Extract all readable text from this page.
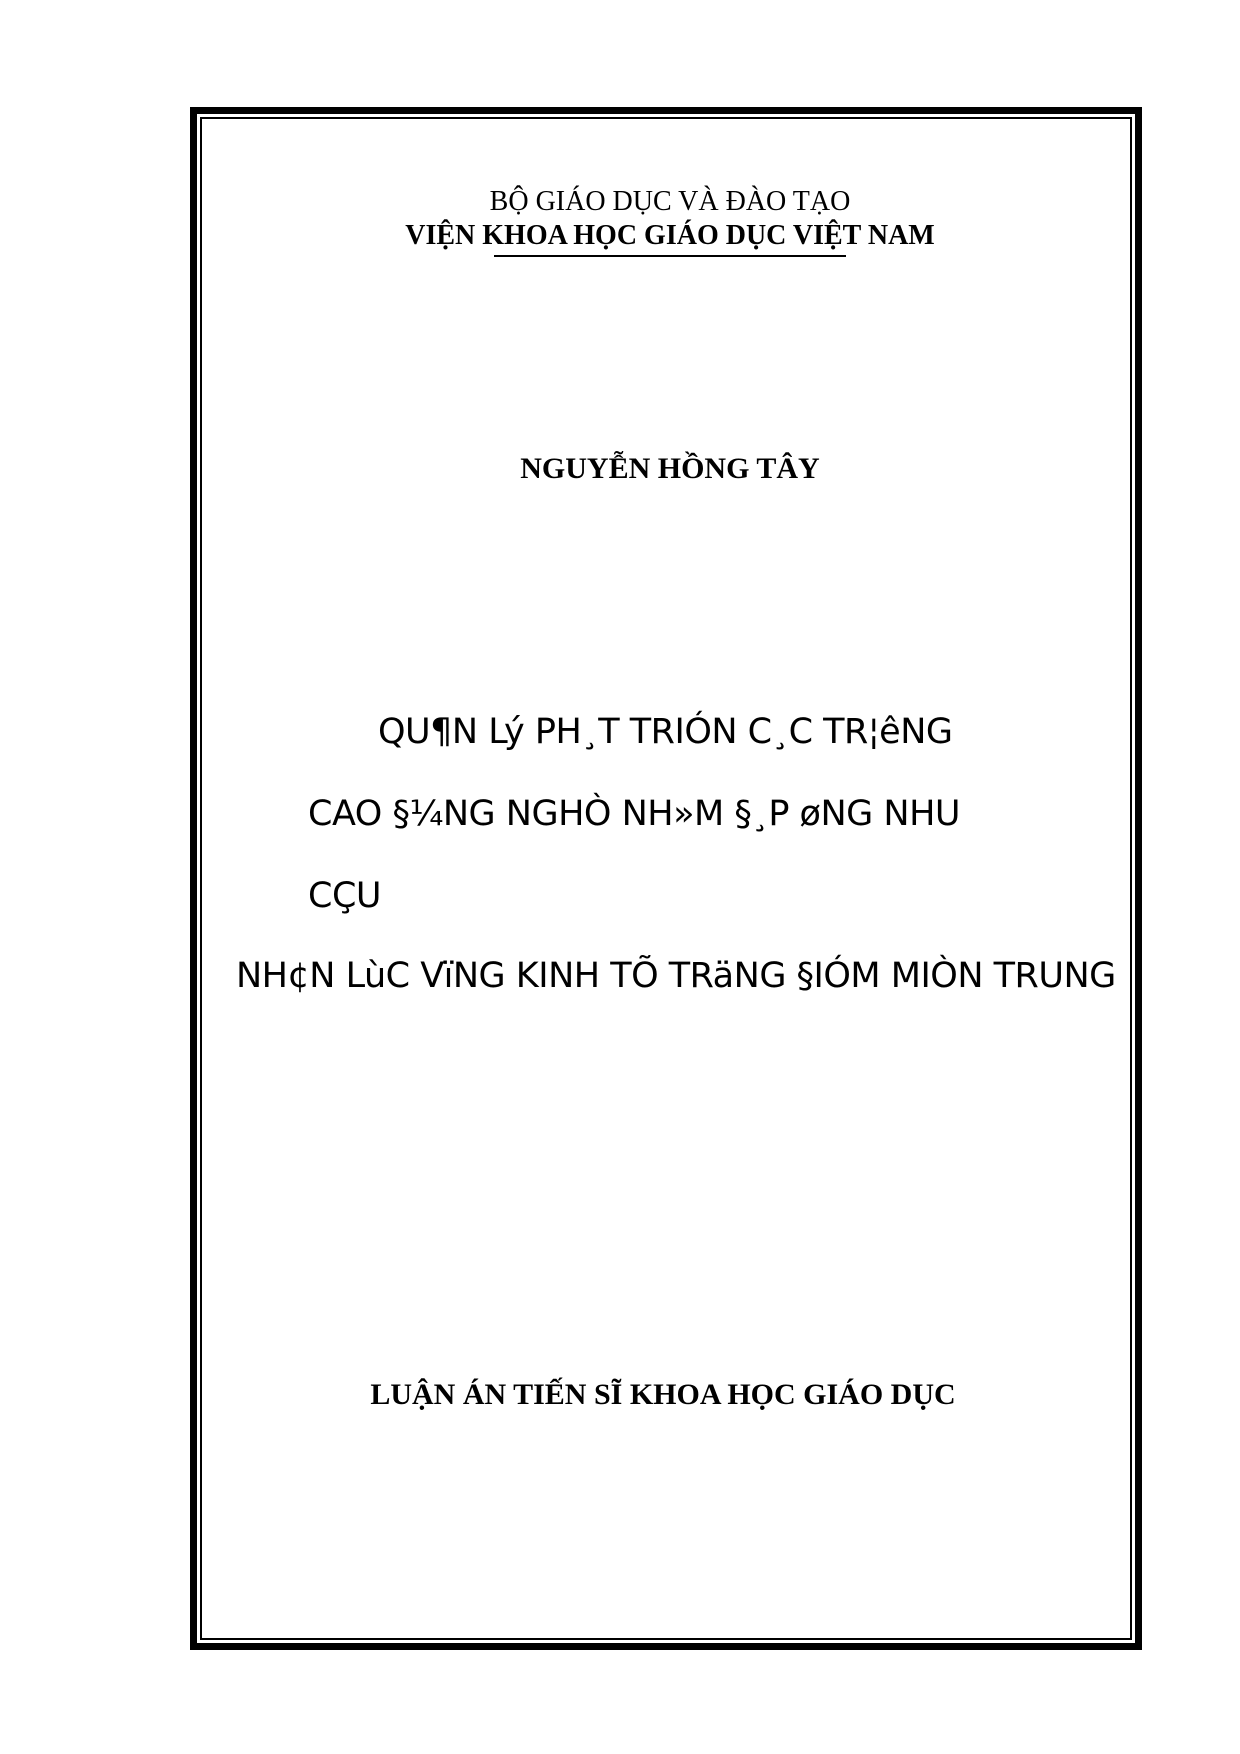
BỘ GIÁO DỤC VÀ ĐÀO TẠO
VIỆN KHOA HỌC GIÁO DỤC VIỆT NAM
NGUYỄN HỒNG TÂY
QU¶N Lý PH¸T TRIÓN C¸C TR¦êNG
CAO §¼NG NGHÒ NH»M §¸P øNG NHU
CÇU
NH¢N LùC VïNG KINH TÕ TRäNG §IÓM MIÒN TRUNG
LUẬN ÁN TIẾN SĨ KHOA HỌC GIÁO DỤC
